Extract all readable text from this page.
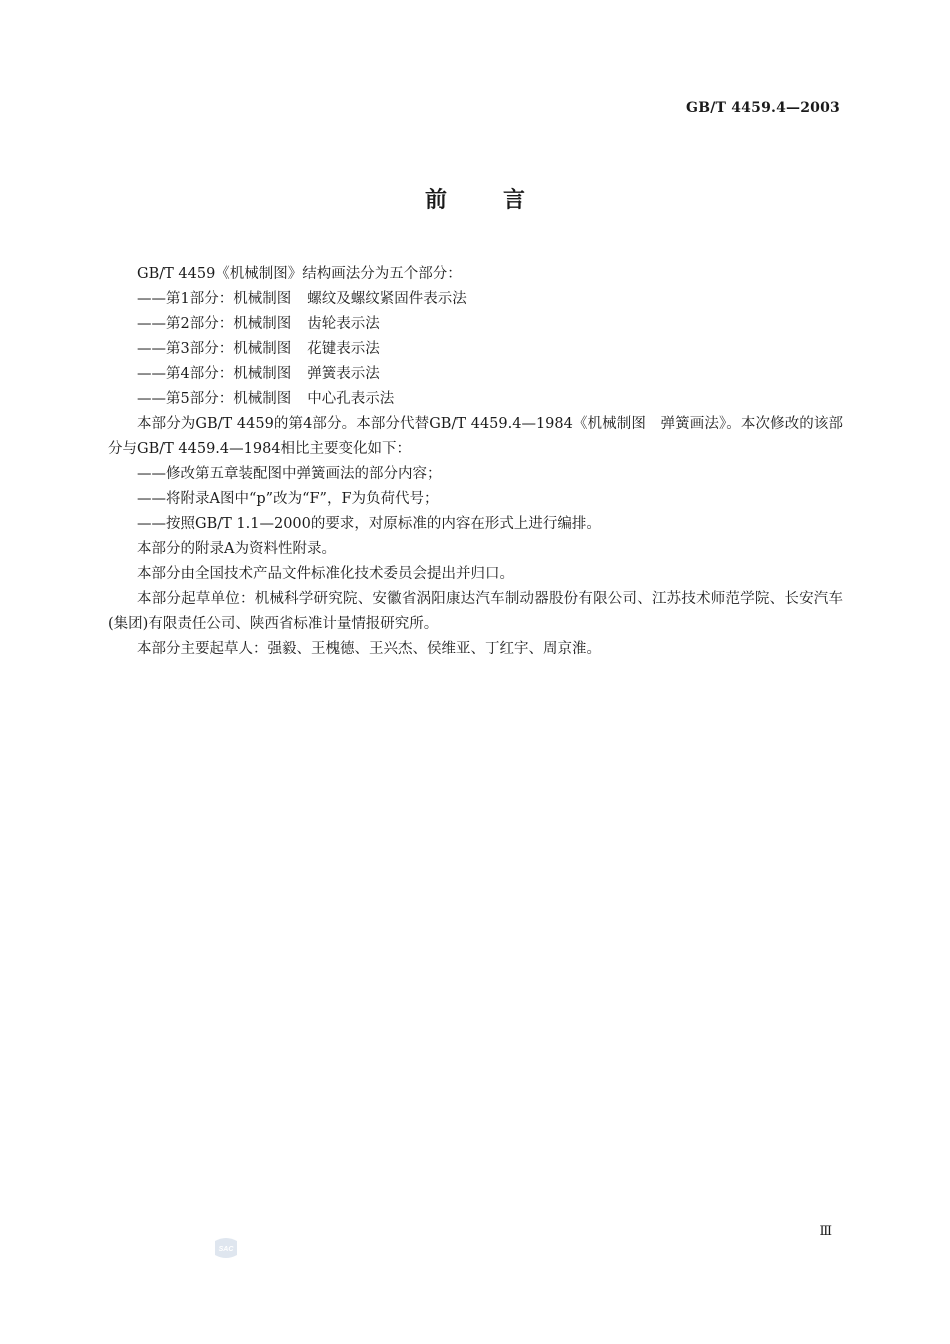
GB/T 4459.4—2003
前言

GB/T 4459《机械制图》结构画法分为五个部分：

——第1部分：机械制图 螺纹及螺纹紧固件表示法

——第2部分：机械制图 齿轮表示法

——第3部分：机械制图 花键表示法

——第4部分：机械制图 弹簧表示法

——第5部分：机械制图 中心孔表示法

本部分为GB/T 4459的第4部分。本部分代替GB/T 4459.4—1984《机械制图　弹簧画法》。本次修改的该部分与GB/T 4459.4—1984相比主要变化如下：

——修改第五章装配图中弹簧画法的部分内容；

——将附录A图中“p”改为“F”，F为负荷代号；

——按照GB/T 1.1—2000的要求，对原标准的内容在形式上进行编排。

本部分的附录A为资料性附录。

本部分由全国技术产品文件标准化技术委员会提出并归口。

本部分起草单位：机械科学研究院、安徽省涡阳康达汽车制动器股份有限公司、江苏技术师范学院、长安汽车(集团)有限责任公司、陕西省标准计量情报研究所。

本部分主要起草人：强毅、王槐德、王兴杰、侯维亚、丁红宇、周京淮。

Ⅲ
SAC
